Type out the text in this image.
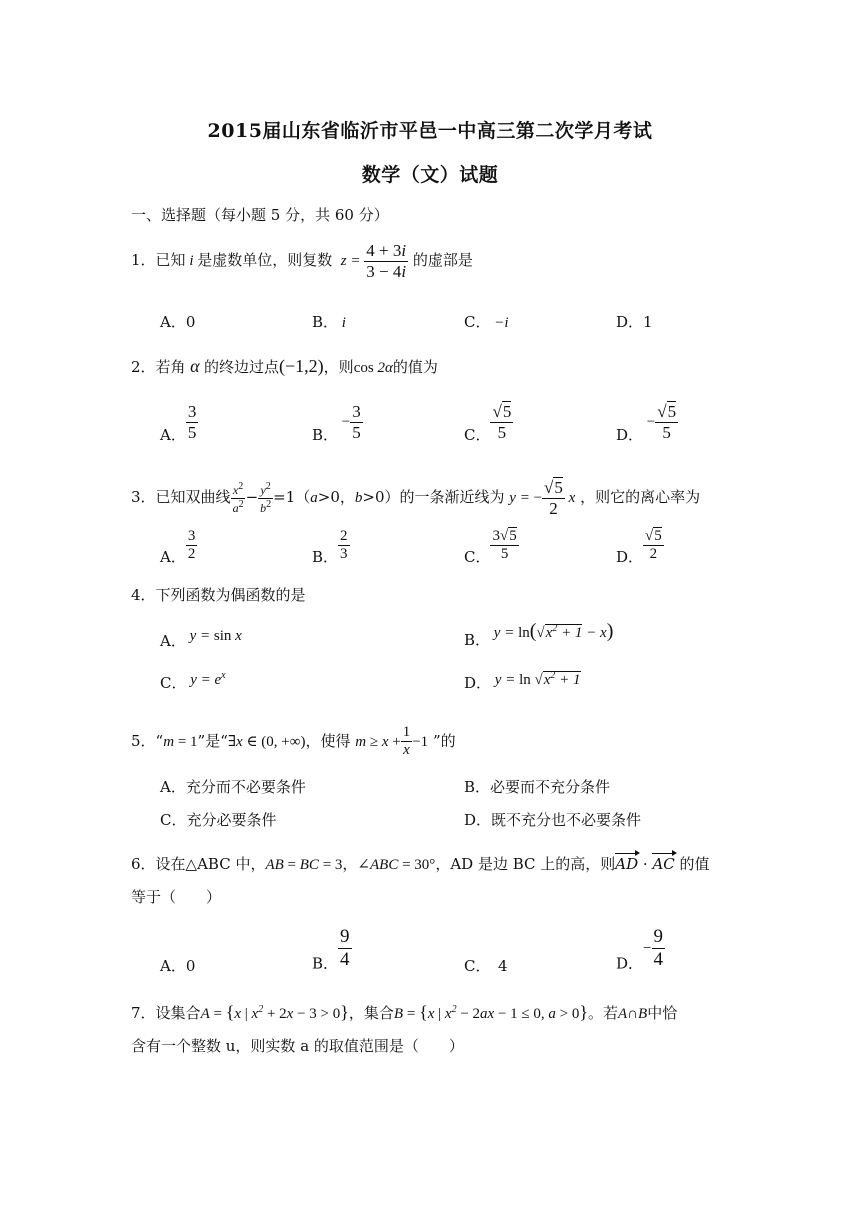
2015届山东省临沂市平邑一中高三第二次学月考试
数学（文）试题
一、选择题（每小题 5 分，共 60 分）
1．已知 i 是虚数单位，则复数  $z = \frac{4 + 3i}{3 - 4i}$ 的虚部是
A．0	B． i	C． −i	D．1
2．若角 α 的终边过点(−1,2)，则cos 2α的值为
A． $\frac{3}{5}$	B． − $\frac{3}{5}$	C． $\frac{√5}{5}$	D． − $\frac{√5}{5}$
3．已知双曲线 $\frac{x^2}{a^2} - \frac{y^2}{b^2} =1(a>0$，b>0）的一条渐近线为 y = − $\frac{√5}{2}$ x ，则它的离心率为
A． $\frac{3}{2}$	B． $\frac{2}{3}$	C． $\frac{3√5}{5}$	D． $\frac{√5}{2}$
4．下列函数为偶函数的是
A． y = sin x	B． $y = \ln(√x^2 + 1 - x)$
C． $y = e^x$	D． $y = \ln √x^2 + 1$
5．“m = 1”是“∃x ∈ (0, +∞)，使得 $m \ge x + \frac{1}{x} -1$ ”的
A．充分而不必要条件	B．必要而不充分条件
C．充分必要条件	D．既不充分也不必要条件
6．设在△ABC 中，AB = BC = 3，∠ABC = 30°，AD 是边 BC 上的高，则AD · AC 的值
等于（　　）
A．0	B． $\frac{9}{4}$	C．　4	D．− $\frac{9}{4}$
7．设集合A = {x | $x^2 + 2x - 3 > 0$}，集合B = {x | $x^2 - 2ax - 1 \le 0$, a > 0}。若A∩B中恰
含有一个整数 u，则实数 a 的取值范围是（　　）
